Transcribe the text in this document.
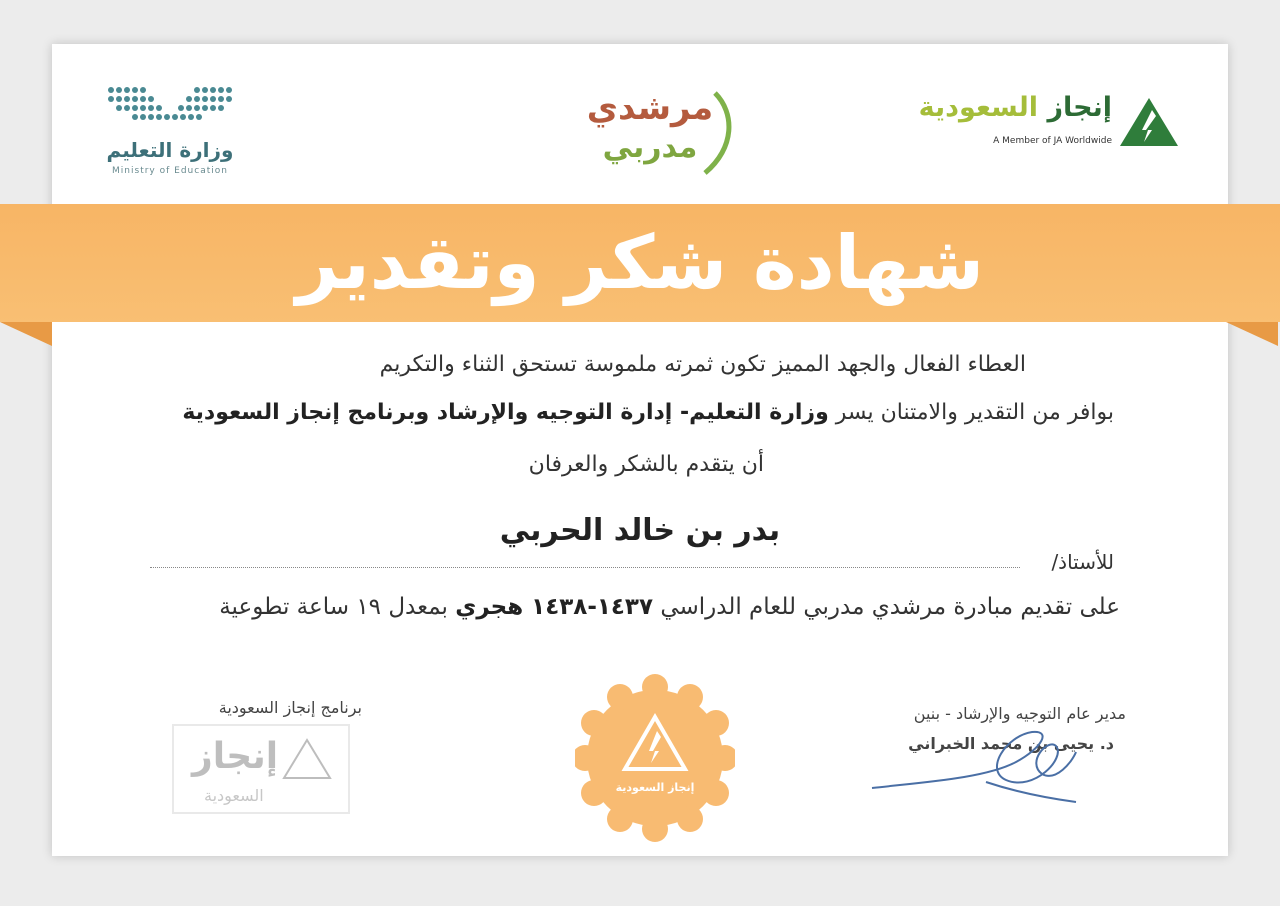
وزارة التعليم
Ministry of Education
مرشدي
مدربي
إنجاز السعودية
A Member of JA Worldwide
شهادة شكر وتقدير
العطاء الفعال والجهد المميز تكون ثمرته ملموسة تستحق الثناء والتكريم
بوافر من التقدير والامتنان يسر وزارة التعليم- إدارة التوجيه والإرشاد وبرنامج إنجاز السعودية
أن يتقدم بالشكر والعرفان
للأستاذ/
بدر بن خالد الحربي
على تقديم مبادرة مرشدي مدربي للعام الدراسي ١٤٣٧-١٤٣٨ هجري بمعدل ١٩ ساعة تطوعية
برنامج إنجاز السعودية
إنجاز
السعودية	إنجاز السعودية
مدير عام التوجيه والإرشاد - بنين
د. يحيى بن محمد الخبراني
